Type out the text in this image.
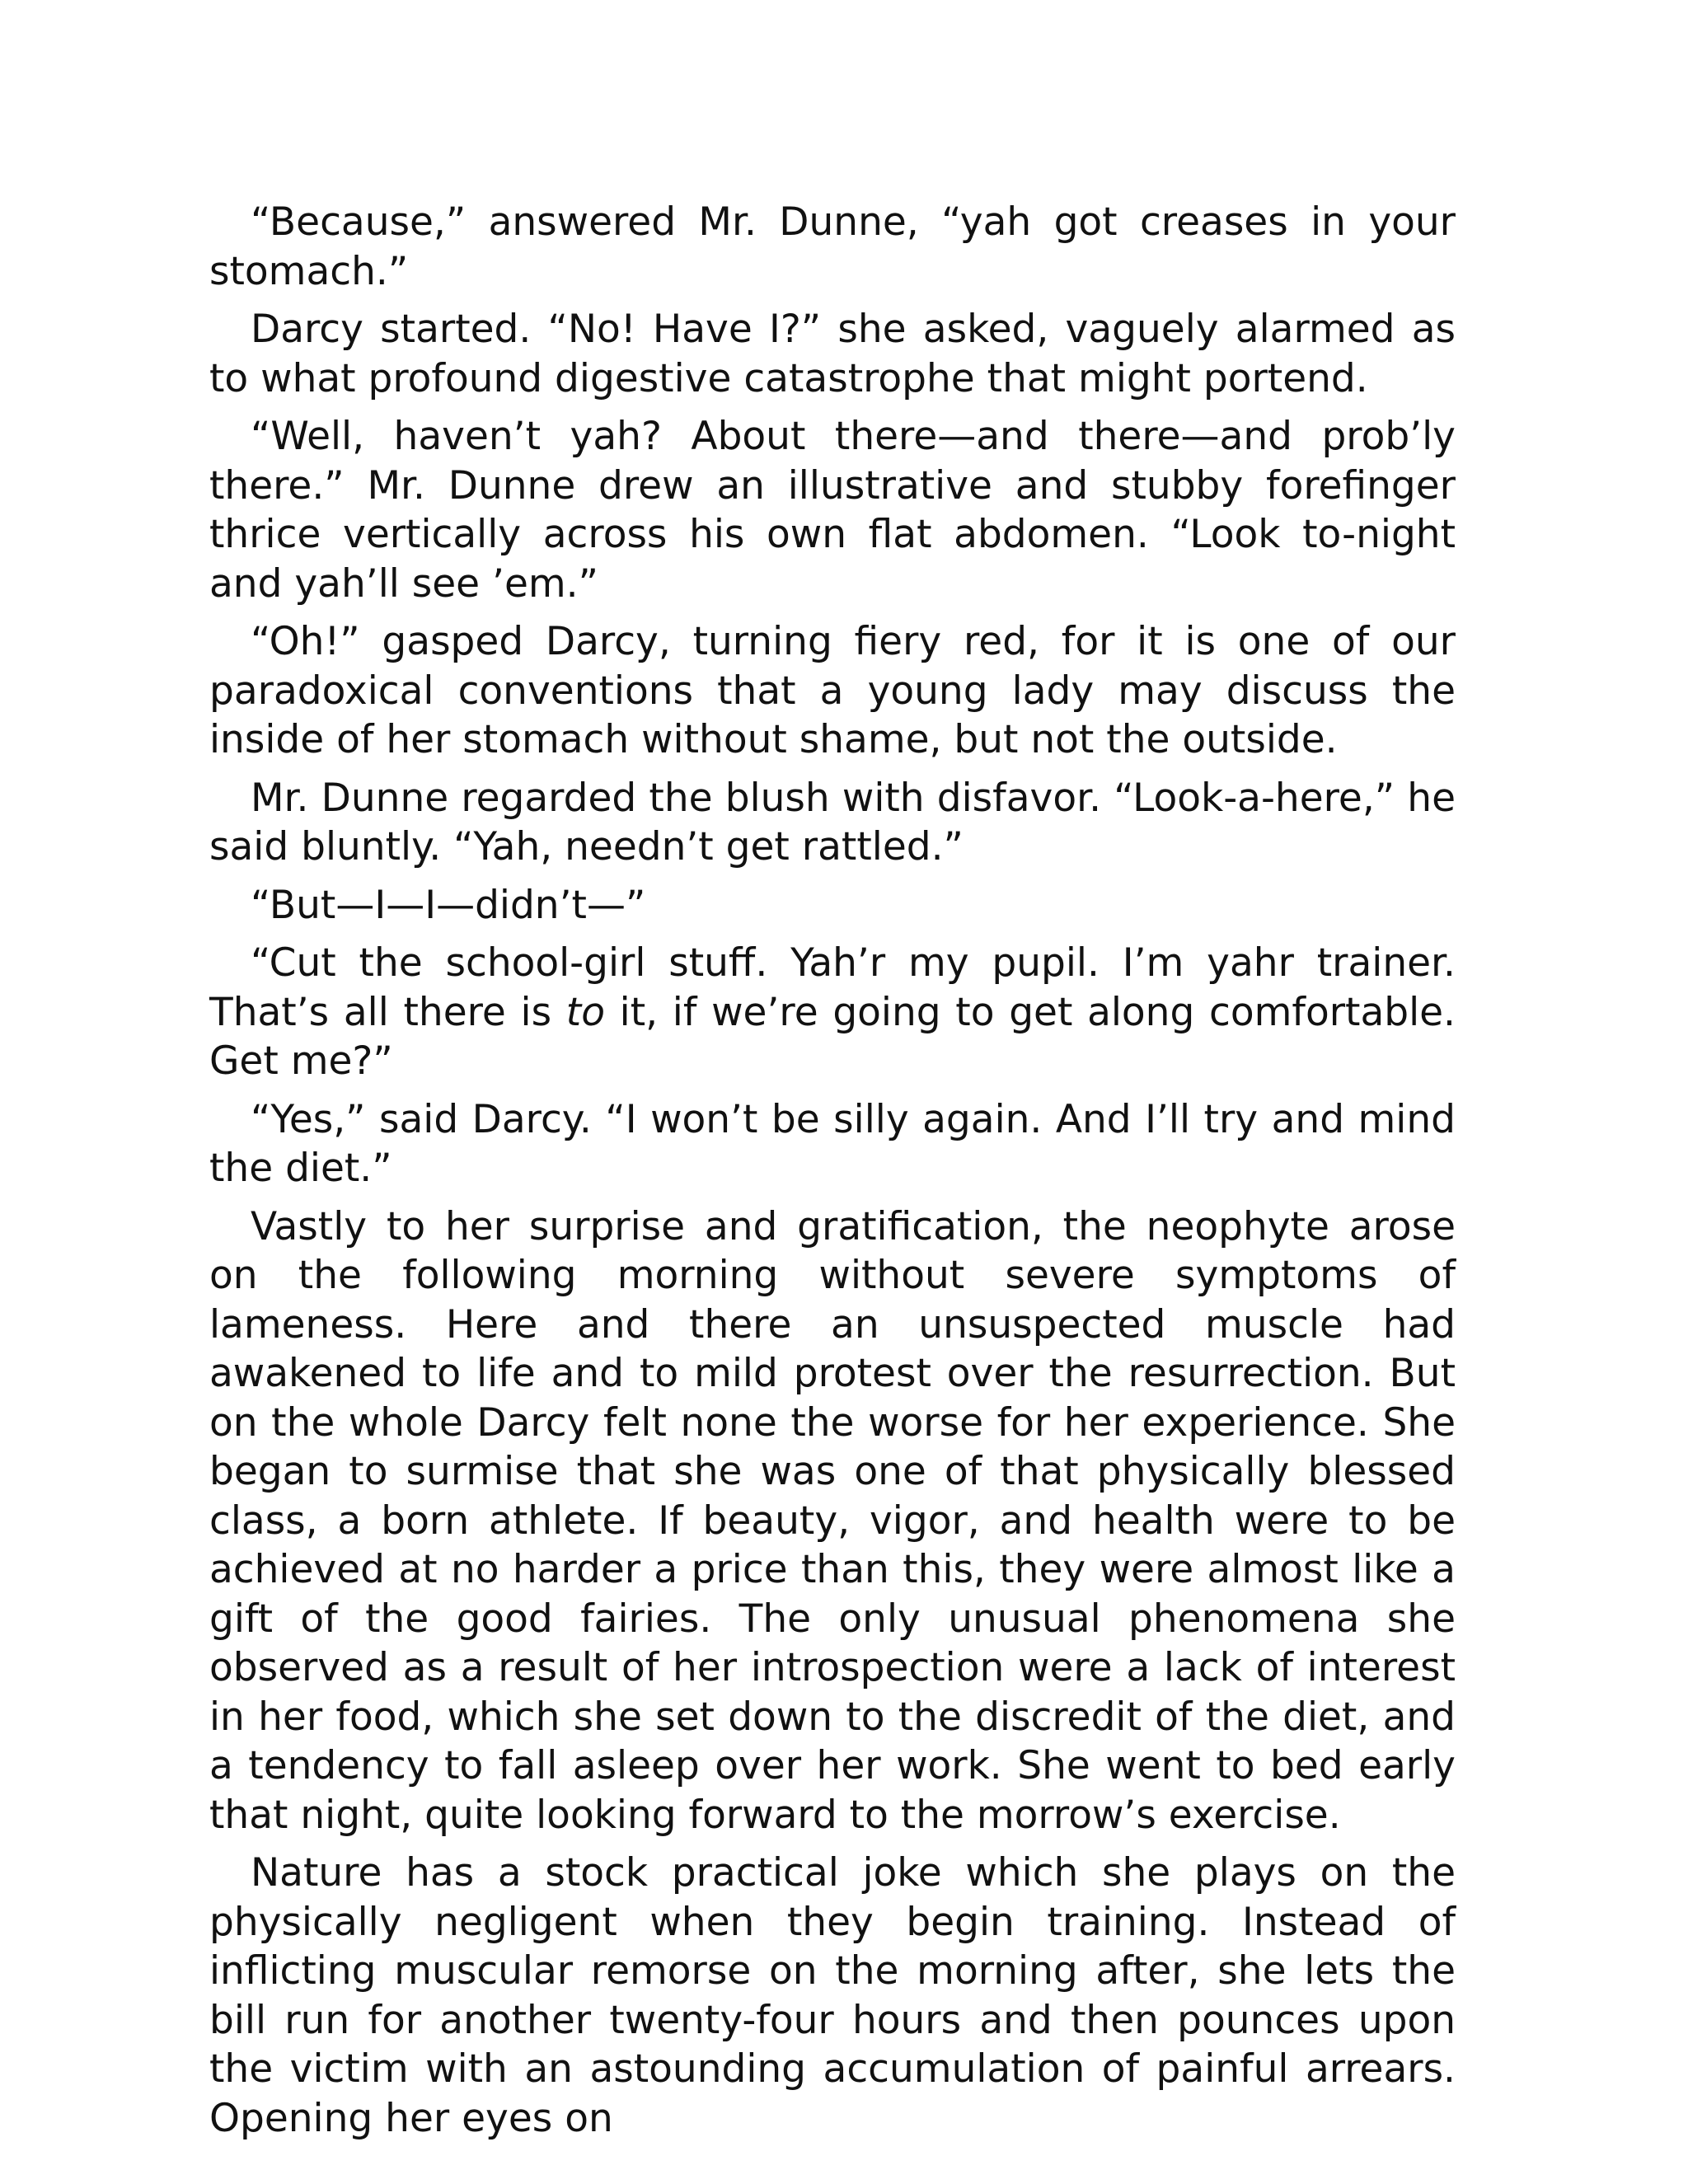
“Because,” answered Mr. Dunne, “yah got creases in your stomach.”

Darcy started. “No! Have I?” she asked, vaguely alarmed as to what profound digestive catastrophe that might portend.

“Well, haven’t yah? About there—and there—and prob’ly there.” Mr. Dunne drew an illustrative and stubby forefinger thrice vertically across his own flat abdomen. “Look to-night and yah’ll see ’em.”

“Oh!” gasped Darcy, turning fiery red, for it is one of our paradoxical conventions that a young lady may discuss the inside of her stomach without shame, but not the outside.

Mr. Dunne regarded the blush with disfavor. “Look-a-here,” he said bluntly. “Yah, needn’t get rattled.”

“But—I—I—didn’t—”

“Cut the school-girl stuff. Yah’r my pupil. I’m yahr trainer. That’s all there is to it, if we’re going to get along comfortable. Get me?”

“Yes,” said Darcy. “I won’t be silly again. And I’ll try and mind the diet.”

Vastly to her surprise and gratification, the neophyte arose on the following morning without severe symptoms of lameness. Here and there an unsuspected muscle had awakened to life and to mild protest over the resurrection. But on the whole Darcy felt none the worse for her experience. She began to surmise that she was one of that physically blessed class, a born athlete. If beauty, vigor, and health were to be achieved at no harder a price than this, they were almost like a gift of the good fairies. The only unusual phenomena she observed as a result of her introspection were a lack of interest in her food, which she set down to the discredit of the diet, and a tendency to fall asleep over her work. She went to bed early that night, quite looking forward to the morrow’s exercise.

Nature has a stock practical joke which she plays on the physically negligent when they begin training. Instead of inflicting muscular remorse on the morning after, she lets the bill run for another twenty-four hours and then pounces upon the victim with an astounding accumulation of painful arrears. Opening her eyes on
